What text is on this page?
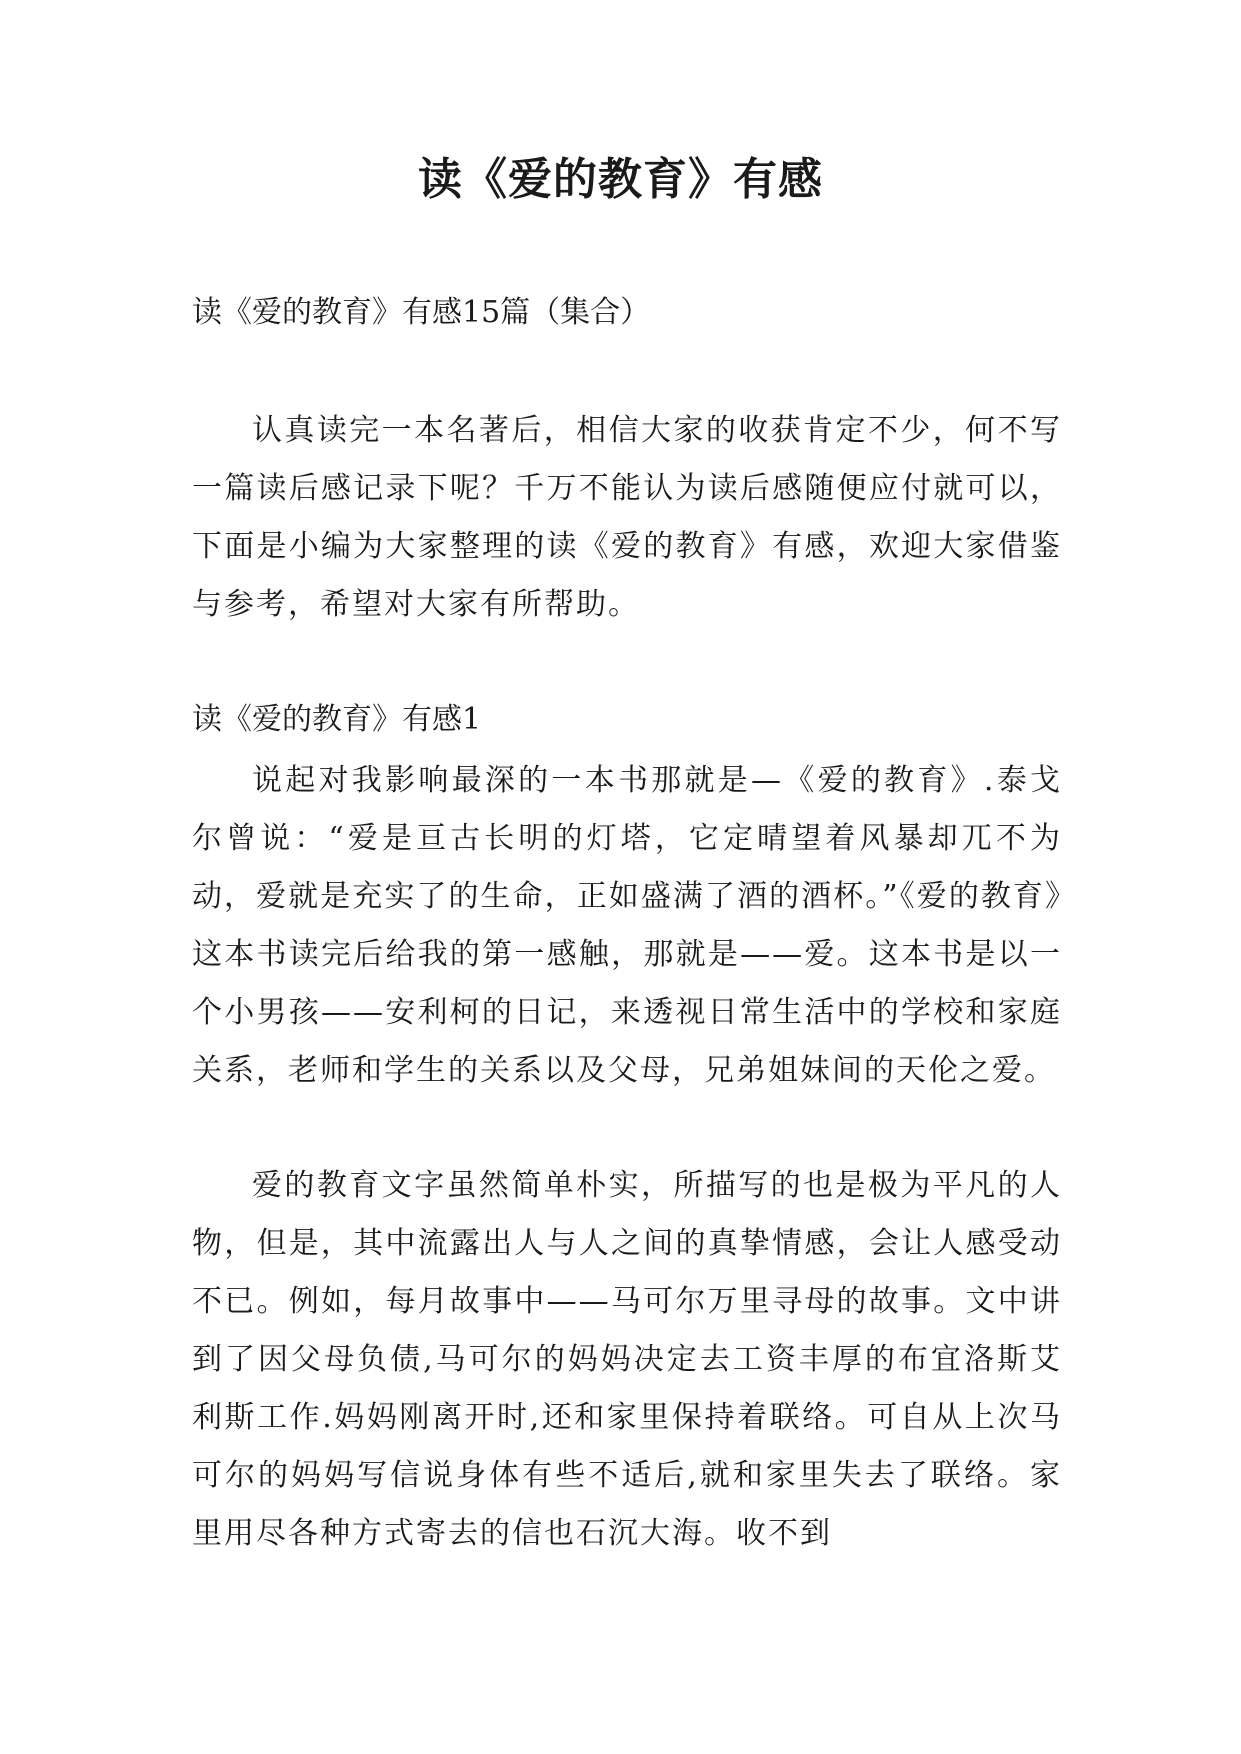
读《爱的教育》有感

读《爱的教育》有感15篇（集合）

认真读完一本名著后，相信大家的收获肯定不少，何不写一篇读后感记录下呢？千万不能认为读后感随便应付就可以，下面是小编为大家整理的读《爱的教育》有感，欢迎大家借鉴与参考，希望对大家有所帮助。

读《爱的教育》有感1

说起对我影响最深的一本书那就是—《爱的教育》.泰戈尔曾说：“爱是亘古长明的灯塔，它定晴望着风暴却兀不为动，爱就是充实了的生命，正如盛满了酒的酒杯。”《爱的教育》这本书读完后给我的第一感触，那就是——爱。这本书是以一个小男孩——安利柯的日记，来透视日常生活中的学校和家庭关系，老师和学生的关系以及父母，兄弟姐妹间的天伦之爱。

爱的教育文字虽然简单朴实，所描写的也是极为平凡的人物，但是，其中流露出人与人之间的真挚情感，会让人感受动不已。例如，每月故事中——马可尔万里寻母的故事。文中讲到了因父母负债,马可尔的妈妈决定去工资丰厚的布宜洛斯艾利斯工作.妈妈刚离开时,还和家里保持着联络。可自从上次马可尔的妈妈写信说身体有些不适后,就和家里失去了联络。家里用尽各种方式寄去的信也石沉大海。收不到
